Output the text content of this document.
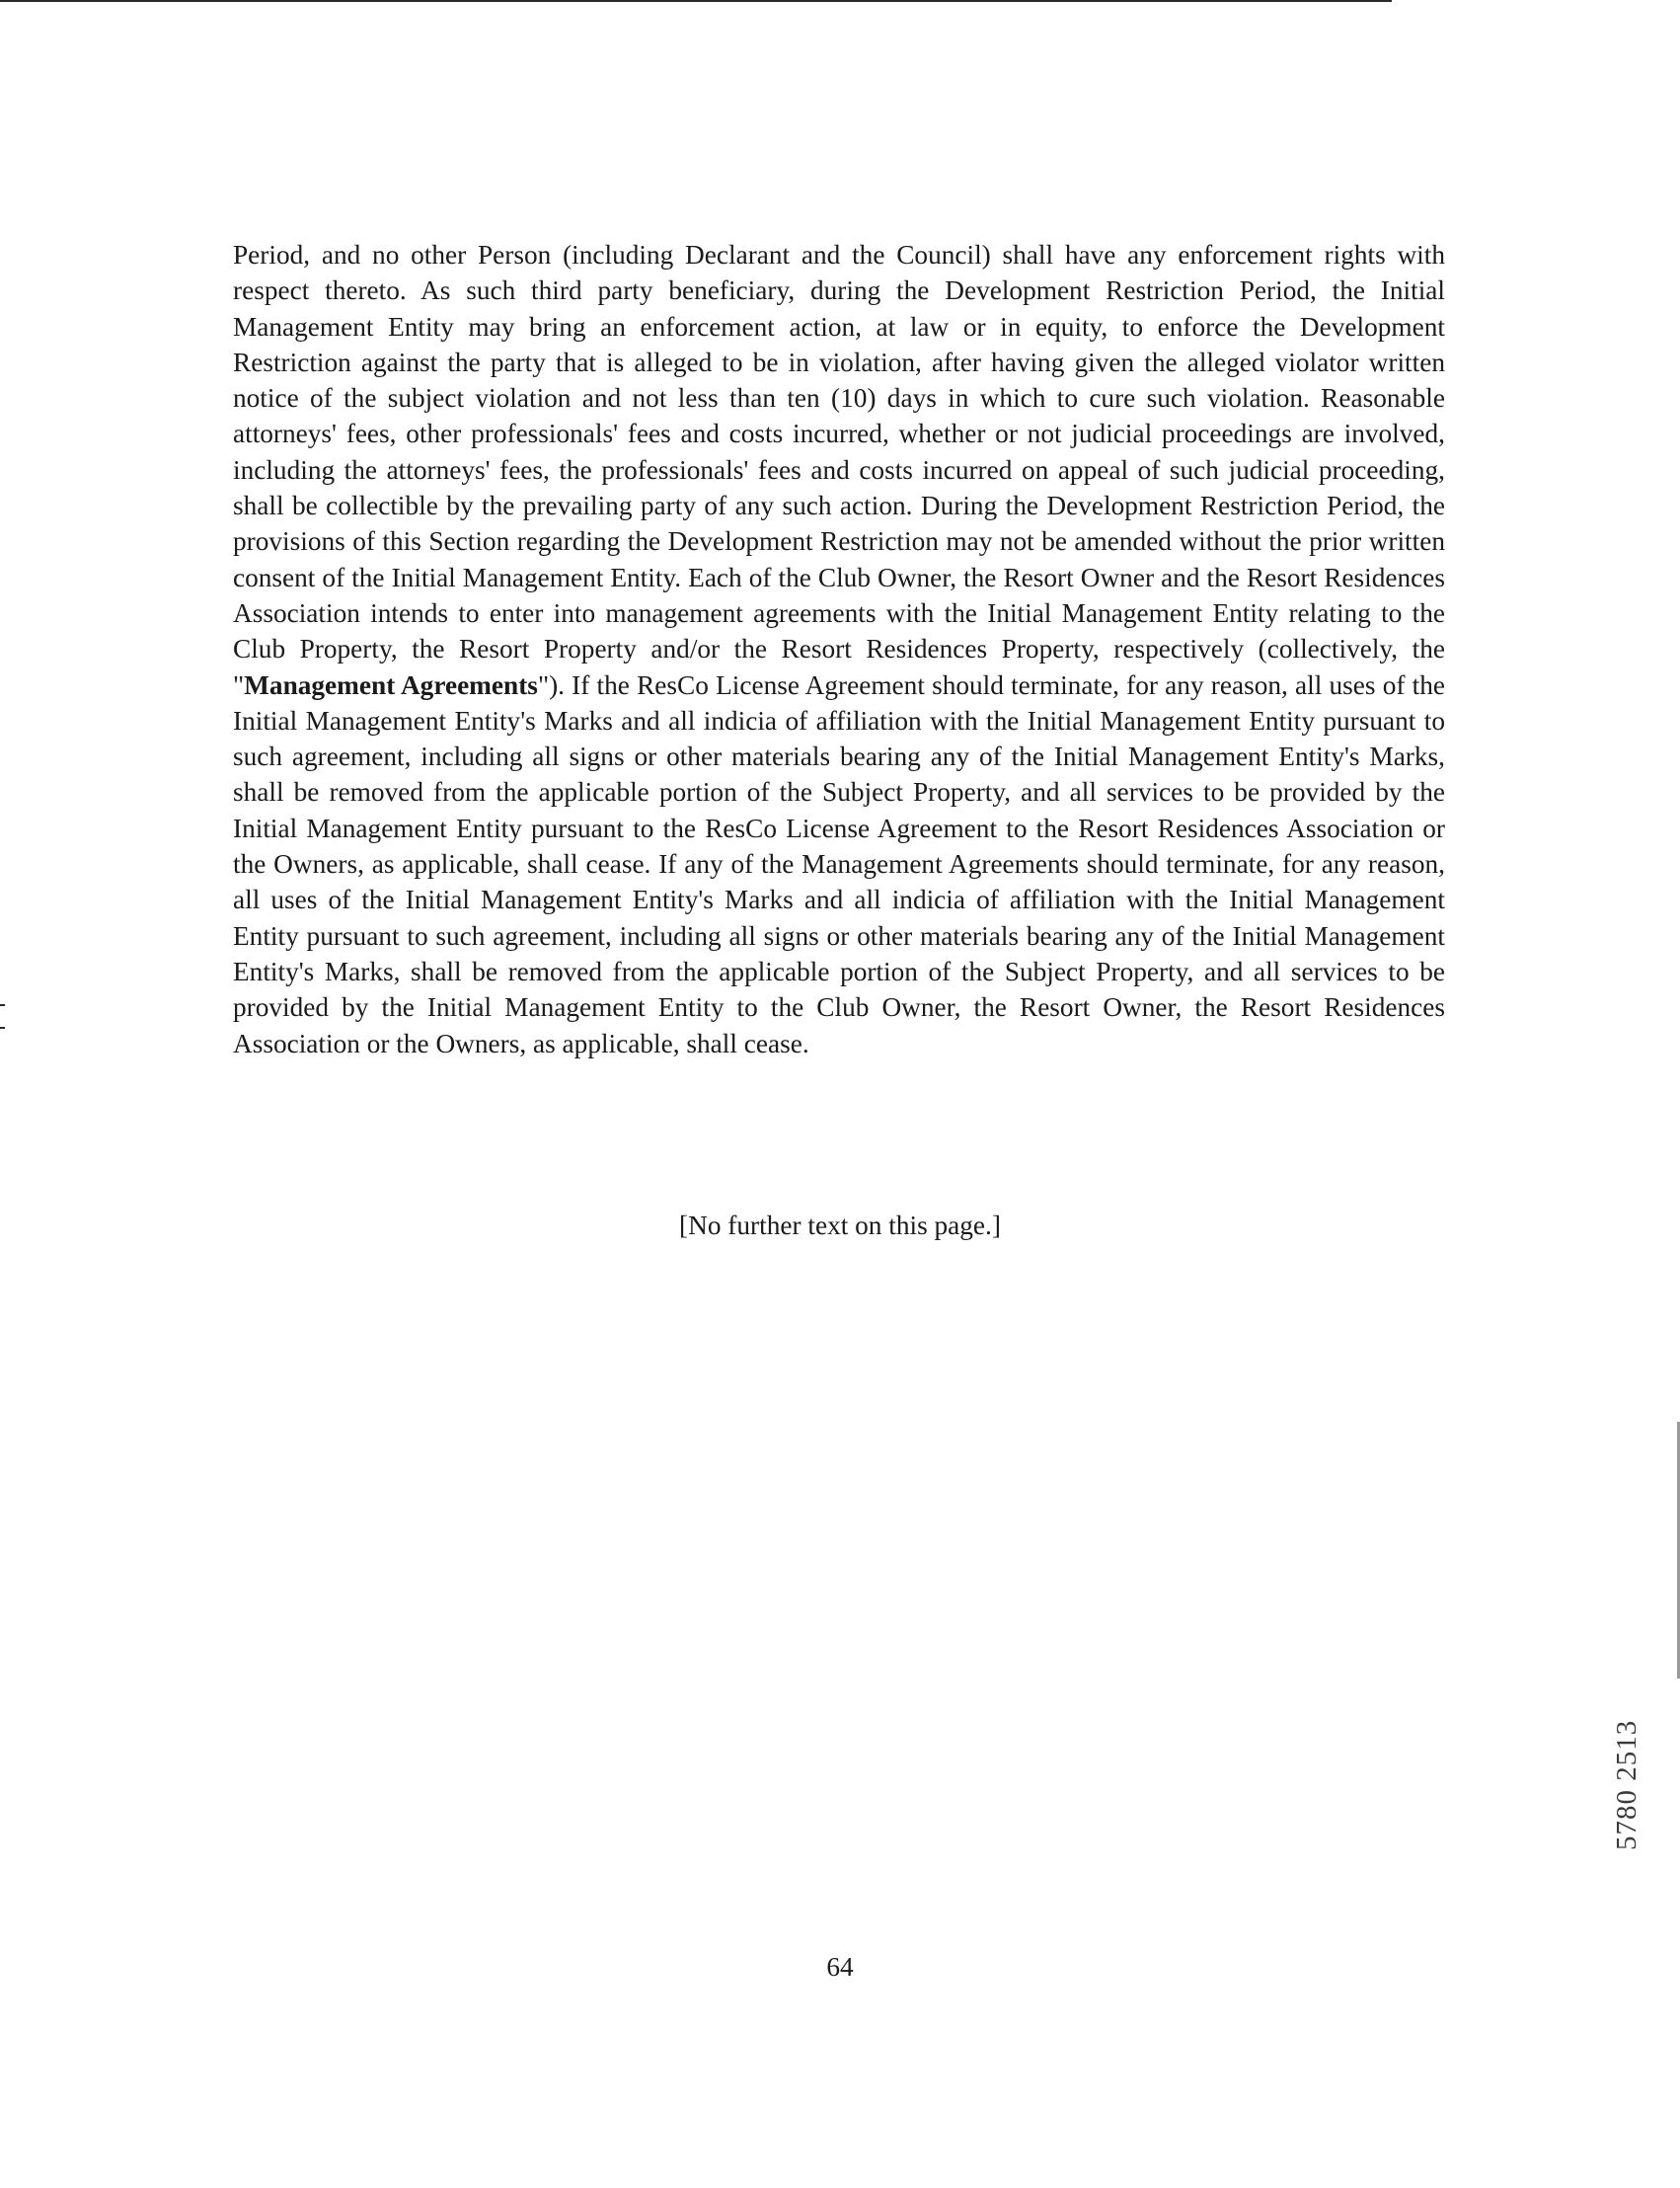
Period, and no other Person (including Declarant and the Council) shall have any enforcement rights with respect thereto. As such third party beneficiary, during the Development Restriction Period, the Initial Management Entity may bring an enforcement action, at law or in equity, to enforce the Development Restriction against the party that is alleged to be in violation, after having given the alleged violator written notice of the subject violation and not less than ten (10) days in which to cure such violation. Reasonable attorneys' fees, other professionals' fees and costs incurred, whether or not judicial proceedings are involved, including the attorneys' fees, the professionals' fees and costs incurred on appeal of such judicial proceeding, shall be collectible by the prevailing party of any such action. During the Development Restriction Period, the provisions of this Section regarding the Development Restriction may not be amended without the prior written consent of the Initial Management Entity. Each of the Club Owner, the Resort Owner and the Resort Residences Association intends to enter into management agreements with the Initial Management Entity relating to the Club Property, the Resort Property and/or the Resort Residences Property, respectively (collectively, the "Management Agreements"). If the ResCo License Agreement should terminate, for any reason, all uses of the Initial Management Entity's Marks and all indicia of affiliation with the Initial Management Entity pursuant to such agreement, including all signs or other materials bearing any of the Initial Management Entity's Marks, shall be removed from the applicable portion of the Subject Property, and all services to be provided by the Initial Management Entity pursuant to the ResCo License Agreement to the Resort Residences Association or the Owners, as applicable, shall cease. If any of the Management Agreements should terminate, for any reason, all uses of the Initial Management Entity's Marks and all indicia of affiliation with the Initial Management Entity pursuant to such agreement, including all signs or other materials bearing any of the Initial Management Entity's Marks, shall be removed from the applicable portion of the Subject Property, and all services to be provided by the Initial Management Entity to the Club Owner, the Resort Owner, the Resort Residences Association or the Owners, as applicable, shall cease.

[No further text on this page.]

64

5780 2513
